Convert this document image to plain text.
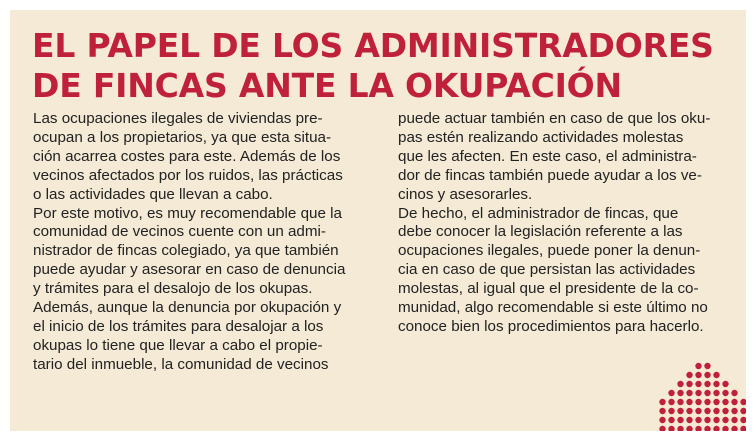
EL PAPEL DE LOS ADMINISTRADORES
DE FINCAS ANTE LA OKUPACIÓN

Las ocupaciones ilegales de viviendas pre-
ocupan a los propietarios, ya que esta situa-
ción acarrea costes para este. Además de los
vecinos afectados por los ruidos, las prácticas
o las actividades que llevan a cabo.

Por este motivo, es muy recomendable que la
comunidad de vecinos cuente con un admi-
nistrador de fincas colegiado, ya que también
puede ayudar y asesorar en caso de denuncia
y trámites para el desalojo de los okupas.

Además, aunque la denuncia por okupación y
el inicio de los trámites para desalojar a los
okupas lo tiene que llevar a cabo el propie-
tario del inmueble, la comunidad de vecinos

puede actuar también en caso de que los oku-
pas estén realizando actividades molestas
que les afecten. En este caso, el administra-
dor de fincas también puede ayudar a los ve-
cinos y asesorarles.

De hecho, el administrador de fincas, que
debe conocer la legislación referente a las
ocupaciones ilegales, puede poner la denun-
cia en caso de que persistan las actividades
molestas, al igual que el presidente de la co-
munidad, algo recomendable si este último no
conoce bien los procedimientos para hacerlo.
